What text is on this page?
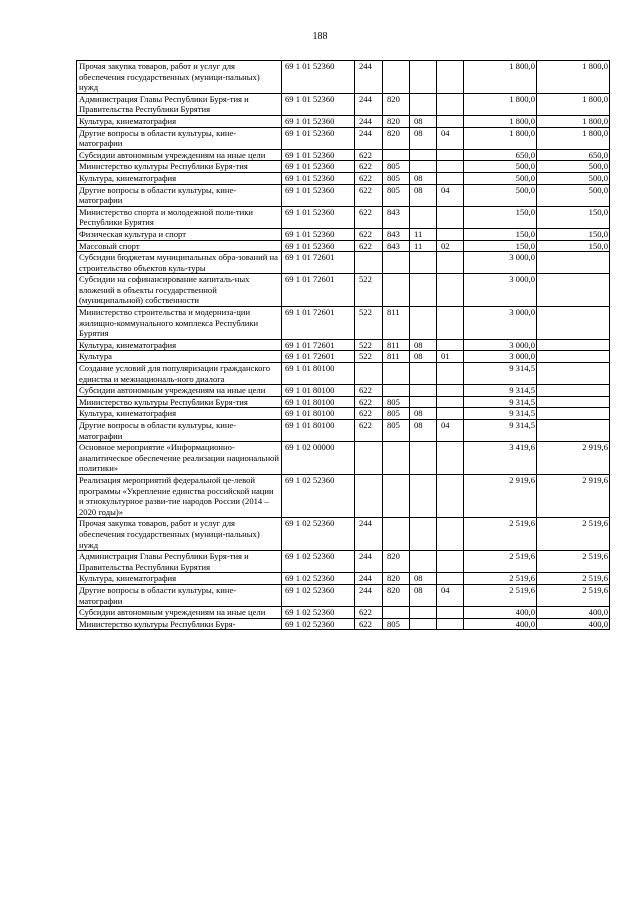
188
Прочая закупка товаров, работ и услуг для обеспечения государственных (муници-пальных) нужд	69 1 01 52360	244				1 800,0	1 800,0
Администрация Главы Республики Буря-тия и Правительства Республики Бурятия	69 1 01 52360	244	820			1 800,0	1 800,0
Культура, кинематография	69 1 01 52360	244	820	08		1 800,0	1 800,0
Другие вопросы в области культуры, кине-матографии	69 1 01 52360	244	820	08	04	1 800,0	1 800,0
Субсидии автономным учреждениям на иные цели	69 1 01 52360	622				650,0	650,0
Министерство культуры Республики Буря-тия	69 1 01 52360	622	805			500,0	500,0
Культура, кинематография	69 1 01 52360	622	805	08		500,0	500,0
Другие вопросы в области культуры, кине-матографии	69 1 01 52360	622	805	08	04	500,0	500,0
Министерство спорта и молодежной поли-тики Республики Бурятия	69 1 01 52360	622	843			150,0	150,0
Физическая культура и спорт	69 1 01 52360	622	843	11		150,0	150,0
Массовый спорт	69 1 01 52360	622	843	11	02	150,0	150,0
Субсидии бюджетам муниципальных обра-зований на строительство объектов куль-туры	69 1 01 72601					3 000,0	
Субсидии на софинансирование капиталь-ных вложений в объекты государственной (муниципальной) собственности	69 1 01 72601	522				3 000,0	
Министерство строительства и модерниза-ции жилищно-коммунального комплекса Республики Бурятия	69 1 01 72601	522	811			3 000,0	
Культура, кинематография	69 1 01 72601	522	811	08		3 000,0	
Культура	69 1 01 72601	522	811	08	01	3 000,0	
Создание условий для популяризации гражданского единства и межнациональ-ного диалога	69 1 01 80100					9 314,5	
Субсидии автономным учреждениям на иные цели	69 1 01 80100	622				9 314,5	
Министерство культуры Республики Буря-тия	69 1 01 80100	622	805			9 314,5	
Культура, кинематография	69 1 01 80100	622	805	08		9 314,5	
Другие вопросы в области культуры, кине-матографии	69 1 01 80100	622	805	08	04	9 314,5	
Основное мероприятие «Информационно-аналитическое обеспечение реализации национальной политики»	69 1 02 00000					3 419,6	2 919,6
Реализация мероприятий федеральной це-левой программы «Укрепление единства российской нации и этнокультурное разви-тие народов России (2014 – 2020 годы)»	69 1 02 52360					2 919,6	2 919,6
Прочая закупка товаров, работ и услуг для обеспечения государственных (муници-пальных) нужд	69 1 02 52360	244				2 519,6	2 519,6
Администрация Главы Республики Буря-тия и Правительства Республики Бурятия	69 1 02 52360	244	820			2 519,6	2 519,6
Культура, кинематография	69 1 02 52360	244	820	08		2 519,6	2 519,6
Другие вопросы в области культуры, кине-матографии	69 1 02 52360	244	820	08	04	2 519,6	2 519,6
Субсидии автономным учреждениям на иные цели	69 1 02 52360	622				400,0	400,0
Министерство культуры Республики Буря-	69 1 02 52360	622	805			400,0	400,0
